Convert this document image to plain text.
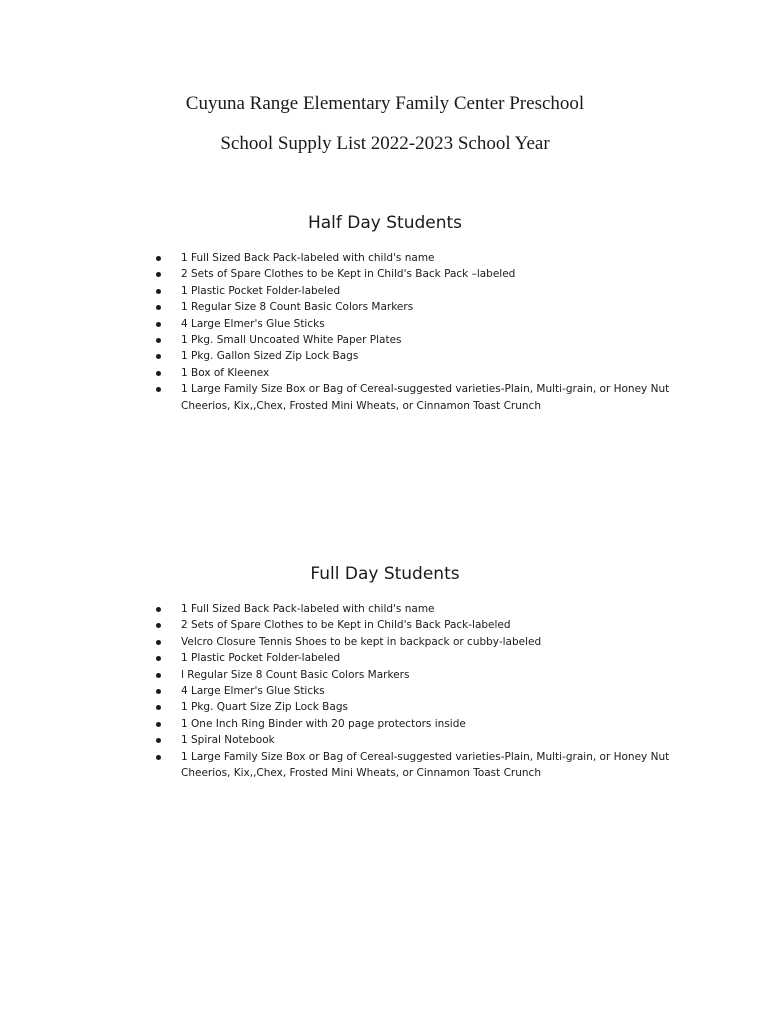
Cuyuna Range Elementary Family Center Preschool
School Supply List 2022-2023 School Year
Half Day Students
1 Full Sized Back Pack-labeled with child's name
2 Sets of Spare Clothes to be Kept in Child's Back Pack –labeled
1 Plastic Pocket Folder-labeled
1 Regular Size 8 Count Basic Colors Markers
4 Large Elmer's Glue Sticks
1 Pkg. Small Uncoated White Paper Plates
1 Pkg. Gallon Sized Zip Lock Bags
1 Box of Kleenex
1 Large Family Size Box or Bag of Cereal-suggested varieties-Plain, Multi-grain, or Honey Nut Cheerios, Kix,,Chex, Frosted Mini Wheats, or Cinnamon Toast Crunch
Full Day Students
1 Full Sized Back Pack-labeled with child's name
2 Sets of Spare Clothes to be Kept in Child's Back Pack-labeled
Velcro Closure Tennis Shoes to be kept in backpack or cubby-labeled
1 Plastic Pocket Folder-labeled
l Regular Size 8 Count Basic Colors Markers
4 Large Elmer's Glue Sticks
1 Pkg. Quart Size Zip Lock Bags
1 One Inch Ring Binder with 20 page protectors inside
1 Spiral Notebook
1 Large Family Size Box or Bag of Cereal-suggested varieties-Plain, Multi-grain, or Honey Nut Cheerios, Kix,,Chex, Frosted Mini Wheats, or Cinnamon Toast Crunch
